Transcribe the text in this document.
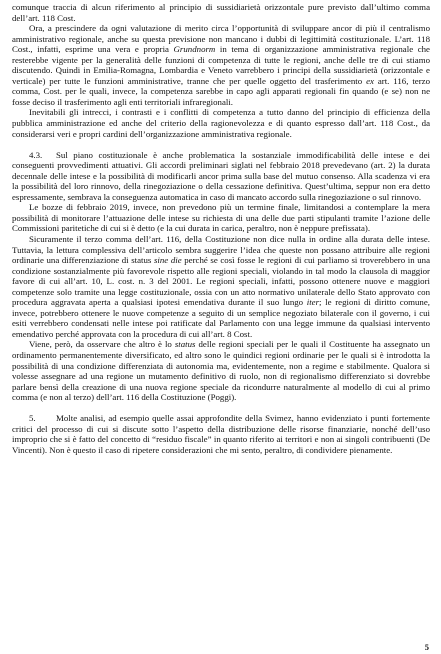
comunque traccia di alcun riferimento al principio di sussidiarietà orizzontale pure previsto dall’ultimo comma dell’art. 118 Cost.

Ora, a prescindere da ogni valutazione di merito circa l’opportunità di sviluppare ancor di più il centralismo amministrativo regionale, anche su questa previsione non mancano i dubbi di legittimità costituzionale. L’art. 118 Cost., infatti, esprime una vera e propria Grundnorm in tema di organizzazione amministrativa regionale che resterebbe vigente per la generalità delle funzioni di competenza di tutte le regioni, anche delle tre di cui stiamo discutendo. Quindi in Emilia-Romagna, Lombardia e Veneto varrebbero i principi della sussidiarietà (orizzontale e verticale) per tutte le funzioni amministrative, tranne che per quelle oggetto del trasferimento ex art. 116, terzo comma, Cost. per le quali, invece, la competenza sarebbe in capo agli apparati regionali fin quando (e se) non ne fosse deciso il trasferimento agli enti territoriali infraregionali.

Inevitabili gli intrecci, i contrasti e i conflitti di competenza a tutto danno del principio di efficienza della pubblica amministrazione ed anche del criterio della ragionevolezza e di quanto espresso dall’art. 118 Cost., da considerarsi veri e propri cardini dell’organizzazione amministrativa regionale.

4.3. Sul piano costituzionale è anche problematica la sostanziale immodificabilità delle intese e dei conseguenti provvedimenti attuativi. Gli accordi preliminari siglati nel febbraio 2018 prevedevano (art. 2) la durata decennale delle intese e la possibilità di modificarli ancor prima sulla base del mutuo consenso. Alla scadenza vi era la possibilità del loro rinnovo, della rinegoziazione o della cessazione definitiva. Quest’ultima, seppur non era detto espressamente, sembrava la conseguenza automatica in caso di mancato accordo sulla rinegoziazione o sul rinnovo.

Le bozze di febbraio 2019, invece, non prevedono più un termine finale, limitandosi a contemplare la mera possibilità di monitorare l’attuazione delle intese su richiesta di una delle due parti stipulanti tramite l’azione delle Commissioni paritetiche di cui si è detto (e la cui durata in carica, peraltro, non è neppure prefissata).

Sicuramente il terzo comma dell’art. 116, della Costituzione non dice nulla in ordine alla durata delle intese. Tuttavia, la lettura complessiva dell’articolo sembra suggerire l’idea che queste non possano attribuire alle regioni ordinarie una differenziazione di status sine die perché se così fosse le regioni di cui parliamo si troverebbero in una condizione sostanzialmente più favorevole rispetto alle regioni speciali, violando in tal modo la clausola di maggior favore di cui all’art. 10, L. cost. n. 3 del 2001. Le regioni speciali, infatti, possono ottenere nuove e maggiori competenze solo tramite una legge costituzionale, ossia con un atto normativo unilaterale dello Stato approvato con procedura aggravata aperta a qualsiasi ipotesi emendativa durante il suo lungo iter; le regioni di diritto comune, invece, potrebbero ottenere le nuove competenze a seguito di un semplice negoziato bilaterale con il governo, i cui esiti verrebbero condensati nelle intese poi ratificate dal Parlamento con una legge immune da qualsiasi intervento emendativo perché approvata con la procedura di cui all’art. 8 Cost.

Viene, però, da osservare che altro è lo status delle regioni speciali per le quali il Costituente ha assegnato un ordinamento permanentemente diversificato, ed altro sono le quindici regioni ordinarie per le quali si è introdotta la possibilità di una condizione differenziata di autonomia ma, evidentemente, non a regime e stabilmente. Qualora si volesse assegnare ad una regione un mutamento definitivo di ruolo, non di regionalismo differenziato si dovrebbe parlare bensì della creazione di una nuova regione speciale da ricondurre naturalmente al modello di cui al primo comma (e non al terzo) dell’art. 116 della Costituzione (Poggi).

5. Molte analisi, ad esempio quelle assai approfondite della Svimez, hanno evidenziato i punti fortemente critici del processo di cui si discute sotto l’aspetto della distribuzione delle risorse finanziarie, nonché dell’uso improprio che si è fatto del concetto di “residuo fiscale” in quanto riferito ai territori e non ai singoli contribuenti (De Vincenti). Non è questo il caso di ripetere considerazioni che mi sento, peraltro, di condividere pienamente.

5
